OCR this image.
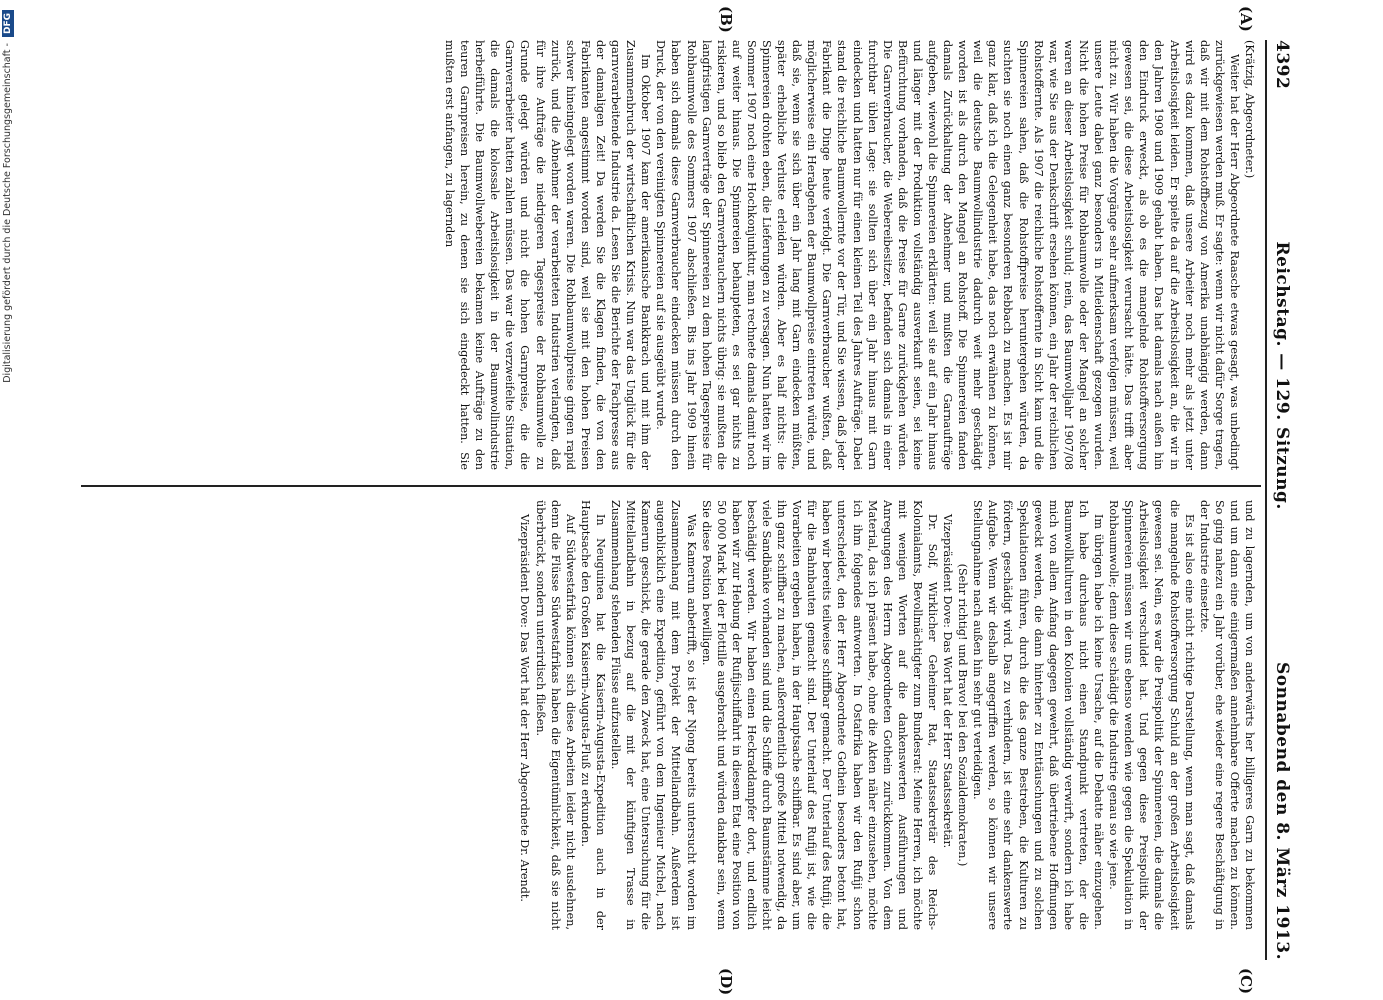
Digitalisierung gefördert durch die Deutsche Forschungsgemeinschaft -
DFG
4392
Reichstag. — 129. Sitzung.
Sonnabend den 8. März 1913.
(A)
(B)
(C)
(D)

(Krätzig, Abgeordneter.)

Weiter hat der Herr Abgeordnete Raasche etwas gesagt, was unbedingt zurückgewiesen werden muß. Er sagte: wenn wir nicht dafür Sorge tragen, daß wir mit dem Rohstoffbezug von Amerika unabhängig werden, dann wird es dazu kommen, daß unsere Arbeiter noch mehr als jetzt unter Arbeitslosigkeit leiden. Er spielte da auf die Arbeitslosigkeit an, die wir in den Jahren 1908 und 1909 gehabt haben. Das hat damals nach außen hin den Eindruck erweckt, als ob es die mangelnde Rohstoffversorgung gewesen sei, die diese Arbeitslosigkeit verursacht hätte. Das trifft aber nicht zu. Wir haben die Vorgänge sehr aufmerksam verfolgen müssen, weil unsere Leute dabei ganz besonders in Mitleidenschaft gezogen wurden. Nicht die hohen Preise für Rohbaumwolle oder der Mangel an solcher waren an dieser Arbeitslosigkeit schuld; nein, das Baumwolljahr 1907/08 war, wie Sie aus der Denkschrift ersehen können, ein Jahr der reichlichen Rohstoffernte. Als 1907 die reichliche Rohstoffernte in Sicht kam und die Spinnereien sahen, daß die Rohstoffpreise heruntergehen würden, da suchten sie noch einen ganz besonderen Rebbach zu machen. Es ist mir ganz klar, daß ich die Gelegenheit habe, das noch erwähnen zu können, weil die deutsche Baumwollindustrie dadurch weit mehr geschädigt worden ist als durch den Mangel an Rohstoff. Die Spinnereien fanden damals Zurückhaltung der Abnehmer und mußten die Garnaufträge aufgeben, wiewohl die Spinnereien erklärten: weil sie auf ein Jahr hinaus und länger mit der Produktion vollständig ausverkauft seien, sei keine Befürchtung vorhanden, daß die Preise für Garne zurückgehen würden. Die Garnverbraucher, die Webereibesitzer, befanden sich damals in einer furchtbar üblen Lage: sie sollten sich über ein Jahr hinaus mit Garn eindecken und hatten nur für einen kleinen Teil des Jahres Aufträge. Dabei stand die reichliche Baumwollernte vor der Tür, und Sie wissen, daß jeder Fabrikant die Dinge heute verfolgt. Die Garnverbraucher wußten, daß möglicherweise ein Herabgehen der Baumwollpreise eintreten würde, und daß sie, wenn sie sich über ein Jahr lang mit Garn eindecken müßten, später erhebliche Verluste erleiden würden. Aber es half nichts: die Spinnereien drohten eben, die Lieferungen zu versagen. Nun hatten wir im Sommer 1907 noch eine Hochkonjunktur, man rechnete damals damit noch auf weiter hinaus. Die Spinnereien behaupteten, es sei gar nichts zu riskieren, und so blieb den Garnverbrauchern nichts übrig: sie mußten die langfristigen Garnverträge der Spinnereien zu dem hohen Tagespreise für Rohbaumwolle des Sommers 1907 abschließen. Bis ins Jahr 1909 hinein haben sich damals diese Garnverbraucher eindecken müssen durch den Druck, der von den vereinigten Spinnereien auf sie ausgeübt wurde.

Im Oktober 1907 kam der amerikanische Bankkrach und mit ihm der Zusammenbruch der wirtschaftlichen Krisis. Nun war das Unglück für die garnverarbeitende Industrie da. Lesen Sie die Berichte der Fachpresse aus der damaligen Zeit! Da werden Sie die Klagen finden, die von den Fabrikanten angestimmt worden sind, weil sie mit den hohen Preisen schwer hineingelegt worden waren. Die Rohbaumwollpreise gingen rapid zurück, und die Abnehmer der verarbeiteten Industrien verlangten, daß für ihre Aufträge die niedrigeren Tagespreise der Rohbaumwolle zu Grunde gelegt würden und nicht die hohen Garnpreise, die die Garnverarbeiter hatten zahlen müssen. Das war die verzweifelte Situation, die damals die kolossale Arbeitslosigkeit in der Baumwollindustrie herbeiführte. Die Baumwollwebereien bekamen keine Aufträge zu den teuren Garnpreisen herein, zu denen sie sich eingedeckt hatten. Sie mußten erst anfangen, zu lagernden

und zu lagernden, um von anderwärts her billigeres Garn zu bekommen und um dann eine einigermaßen annehmbare Offerte machen zu können. So ging nahezu ein Jahr vorüber, ehe wieder eine regere Beschäftigung in der Industrie einsetzte.

Es ist also eine nicht richtige Darstellung, wenn man sagt, daß damals die mangelnde Rohstoffversorgung Schuld an der großen Arbeitslosigkeit gewesen sei. Nein, es war die Preispolitik der Spinnereien, die damals die Arbeitslosigkeit verschuldet hat. Und gegen diese Preispolitik der Spinnereien müssen wir uns ebenso wenden wie gegen die Spekulation in Rohbaumwolle; denn diese schädigt die Industrie genau so wie jene.

Im übrigen habe ich keine Ursache, auf die Debatte näher einzugehen. Ich habe durchaus nicht einen Standpunkt vertreten, der die Baumwollkulturen in den Kolonien vollständig verwirft, sondern ich habe mich von allem Anfang dagegen gewehrt, daß übertriebene Hoffnungen geweckt werden, die dann hinterher zu Enttäuschungen und zu solchen Spekulationen führen, durch die das ganze Bestreben, die Kulturen zu fördern, geschädigt wird. Das zu verhindern, ist eine sehr dankenswerte Aufgabe. Wenn wir deshalb angegriffen werden, so können wir unsere Stellungnahme nach außen hin sehr gut verteidigen.

(Sehr richtig! und Bravo! bei den Sozialdemokraten.)

Vizepräsident Dove: Das Wort hat der Herr Staatssekretär.

Dr. Solf, Wirklicher Geheimer Rat, Staatssekretär des Reichs-Kolonialamts, Bevollmächtigter zum Bundesrat: Meine Herren, ich möchte mit wenigen Worten auf die dankenswerten Ausführungen und Anregungen des Herrn Abgeordneten Gothein zurückkommen. Von dem Material, das ich präsent habe, ohne die Akten näher einzusehen, möchte ich ihm folgendes antworten. In Ostafrika haben wir den Rufiji schon unterscheidet, den der Herr Abgeordnete Gothein besonders betont hat, haben wir bereits teilweise schiffbar gemacht. Der Unterlauf des Rufiji, die für die Bahnbauten gemacht sind. Der Unterlauf des Rufiji ist, wie die Vorarbeiten ergeben haben, in der Hauptsache schiffbar. Es sind aber, um ihn ganz schiffbar zu machen, außerordentlich große Mittel notwendig, da viele Sandbänke vorhanden sind und die Schiffe durch Baumstämme leicht beschädigt werden. Wir haben einen Heckraddampfer dort, und endlich haben wir zur Hebung der Rufijischiffahrt in diesem Etat eine Position von 50 000 Mark bei der Flottille ausgebracht und würden dankbar sein, wenn Sie diese Position bewilligen.

Was Kamerun anbetrifft, so ist der Njong bereits untersucht worden im Zusammenhang mit dem Projekt der Mittellandbahn. Außerdem ist augenblicklich eine Expedition, geführt von dem Ingenieur Michel, nach Kamerun geschickt, die gerade den Zweck hat, eine Untersuchung für die Mittellandbahn in bezug auf die mit der künftigen Trasse in Zusammenhang stehenden Flüsse aufzustellen.

In Neuguinea hat die Kaiserin-Augusta-Expedition auch in der Hauptsache den Großen Kaiserin-Augusta-Fluß zu erkunden.

Auf Südwestafrika können sich diese Arbeiten leider nicht ausdehnen, denn die Flüsse Südwestafrikas haben die Eigentümlichkeit, daß sie nicht überbrückt, sondern unterirdisch fließen.

Vizepräsident Dove: Das Wort hat der Herr Abgeordnete Dr. Arendt.
